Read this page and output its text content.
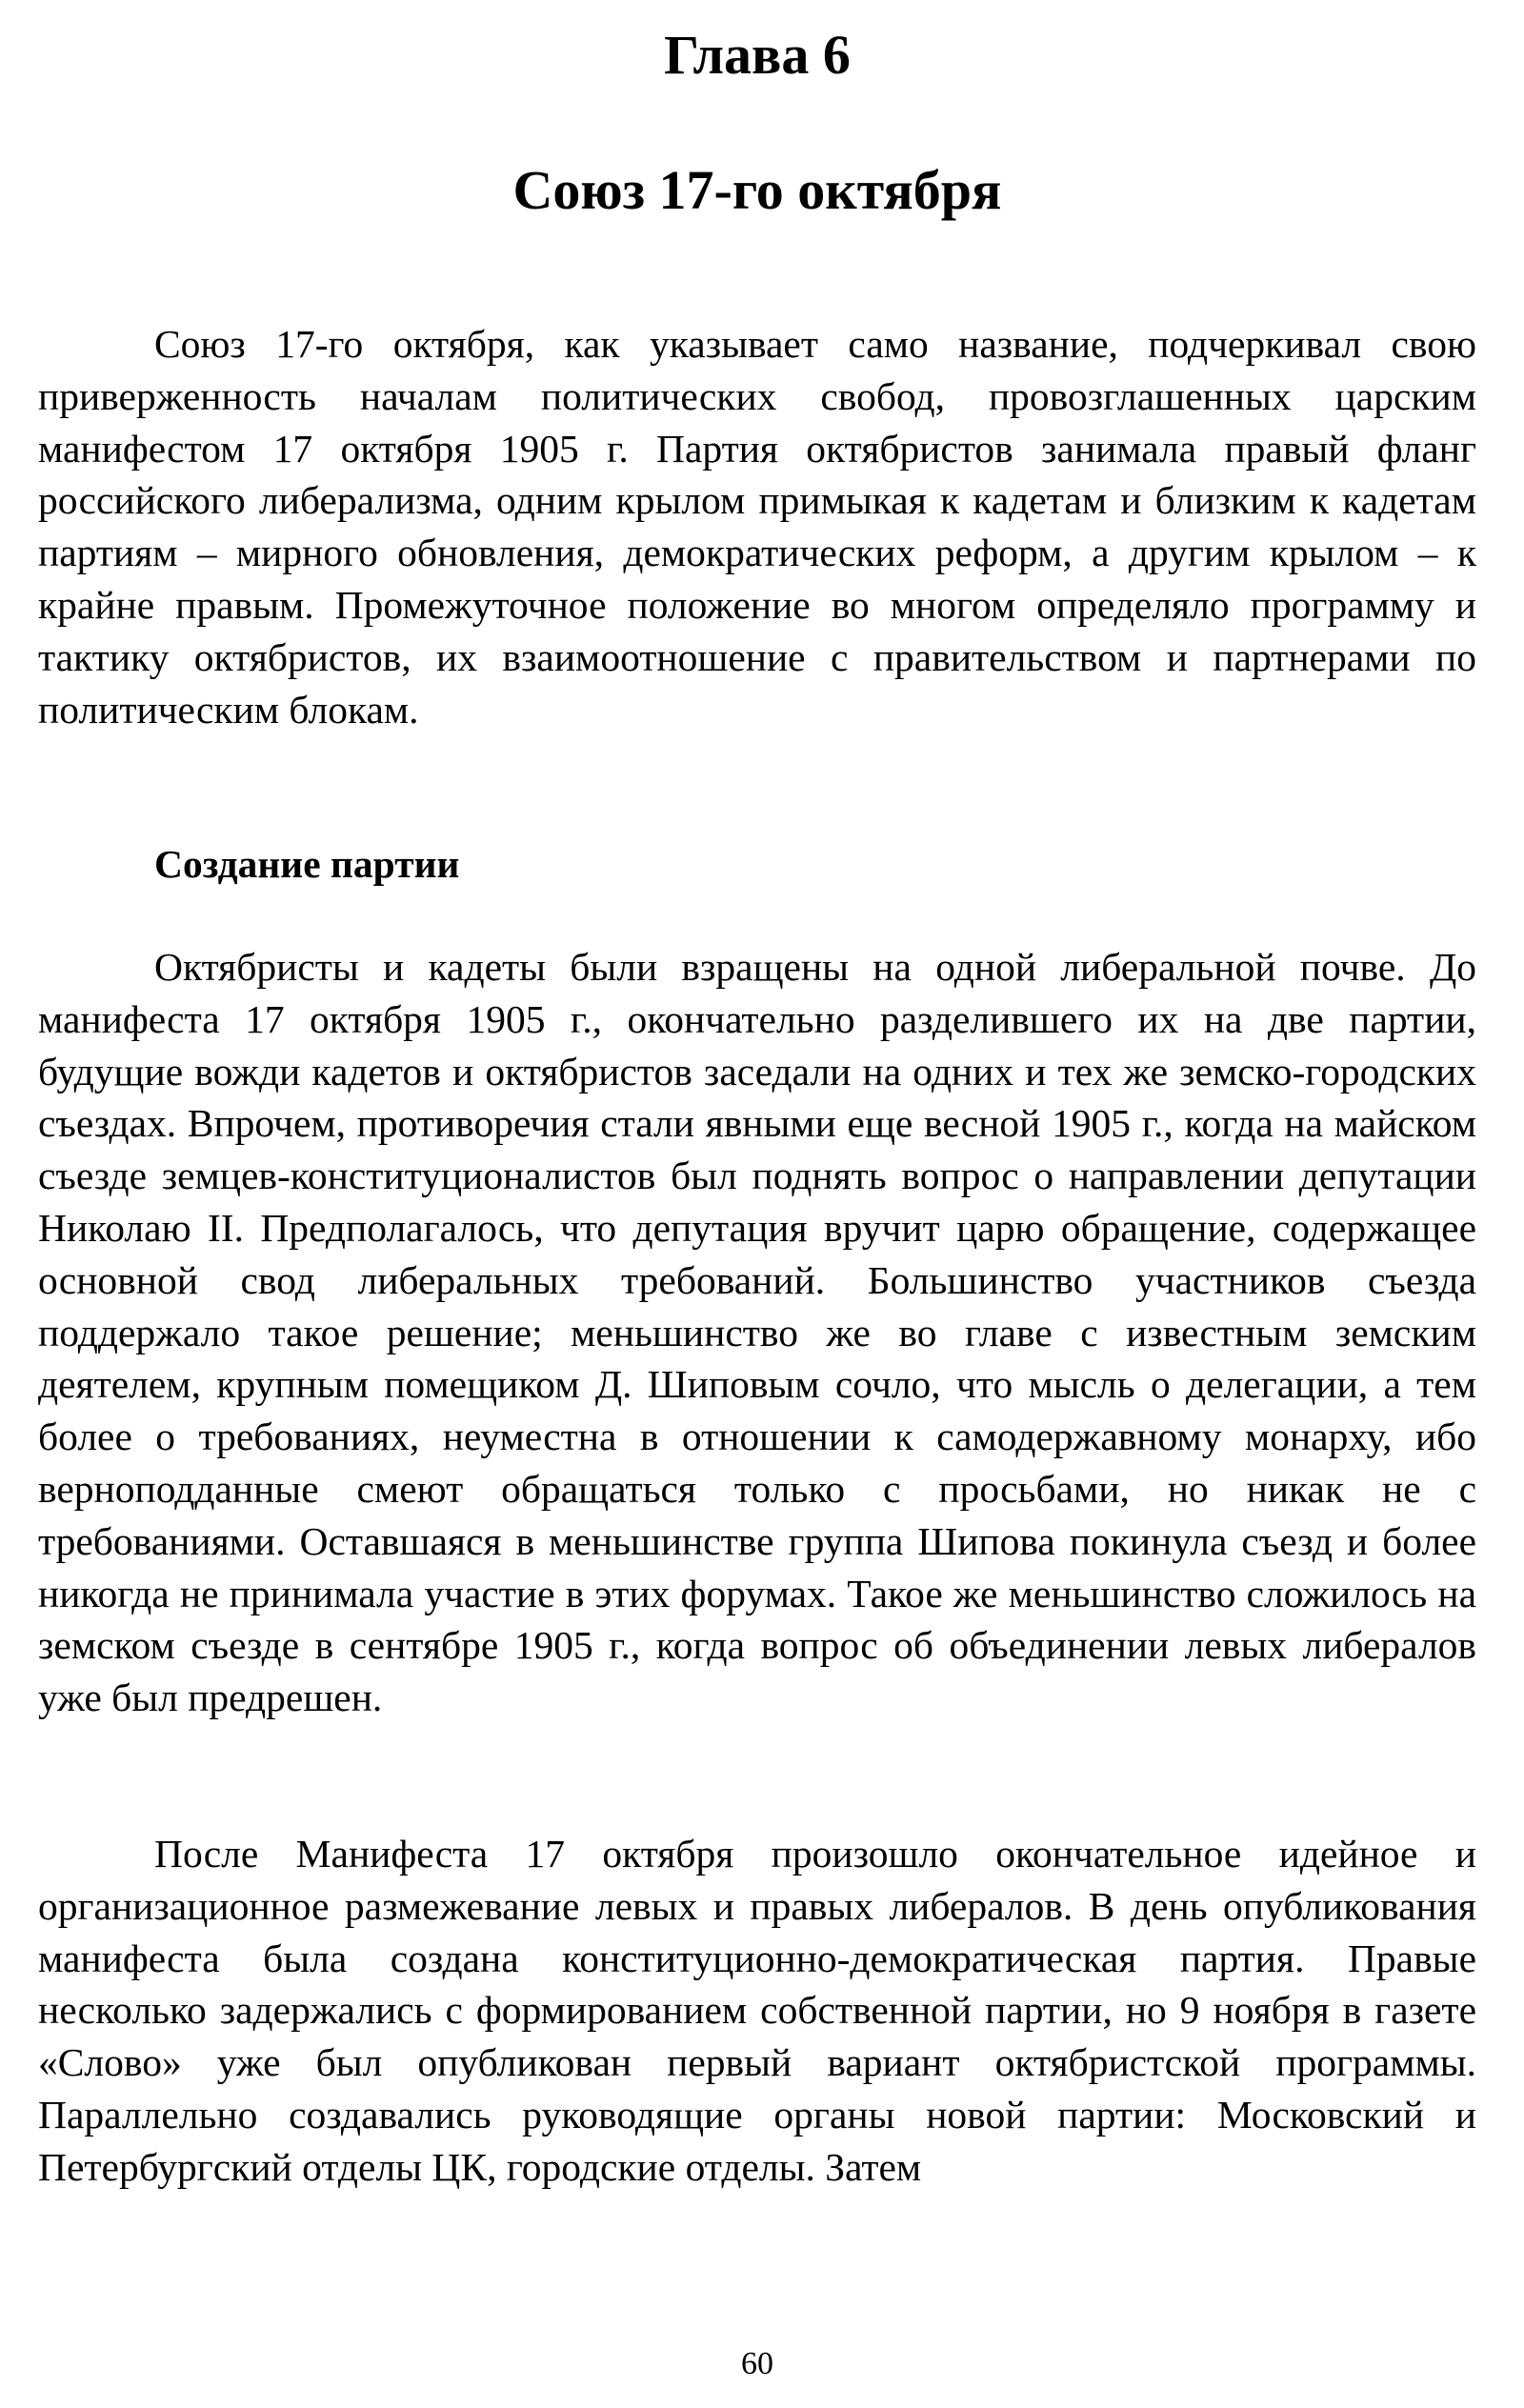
Глава 6
Союз 17-го октября

Союз 17-го октября, как указывает само название, подчеркивал свою приверженность началам политических свобод, провозглашенных царским манифестом 17 октября 1905 г. Партия октябристов занимала правый фланг российского либерализма, одним крылом примыкая к кадетам и близким к кадетам партиям – мирного обновления, демократических реформ, а другим крылом – к крайне правым. Промежуточное положение во многом определяло программу и тактику октябристов, их взаимоотношение с правительством и партнерами по политическим блокам.

Создание партии

Октябристы и кадеты были взращены на одной либеральной почве. До манифеста 17 октября 1905 г., окончательно разделившего их на две партии, будущие вожди кадетов и октябристов заседали на одних и тех же земско-городских съездах. Впрочем, противоречия стали явными еще весной 1905 г., когда на майском съезде земцев-конституционалистов был поднять вопрос о направлении депутации Николаю II. Предполагалось, что депутация вручит царю обращение, содержащее основной свод либеральных требований. Большинство участников съезда поддержало такое решение; меньшинство же во главе с известным земским деятелем, крупным помещиком Д. Шиповым сочло, что мысль о делегации, а тем более о требованиях, неуместна в отношении к самодержавному монарху, ибо верноподданные смеют обращаться только с просьбами, но никак не с требованиями. Оставшаяся в меньшинстве группа Шипова покинула съезд и более никогда не принимала участие в этих форумах. Такое же меньшинство сложилось на земском съезде в сентябре 1905 г., когда вопрос об объединении левых либералов уже был предрешен.

После Манифеста 17 октября произошло окончательное идейное и организационное размежевание левых и правых либералов. В день опубликования манифеста была создана конституционно-демократическая партия. Правые несколько задержались с формированием собственной партии, но 9 ноября в газете «Слово» уже был опубликован первый вариант октябристской программы. Параллельно создавались руководящие органы новой партии: Московский и Петербургский отделы ЦК, городские отделы. Затем

60
